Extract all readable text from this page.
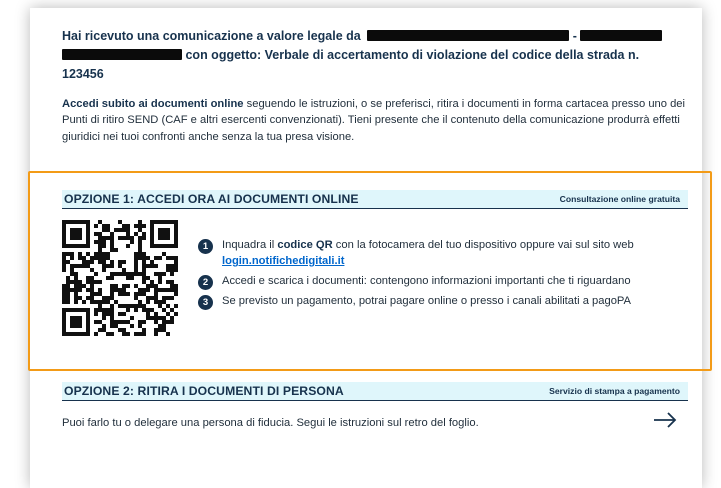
Hai ricevuto una comunicazione a valore legale da	-
con oggetto: Verbale di accertamento di violazione del codice della strada n.
123456

Accedi subito ai documenti online seguendo le istruzioni, o se preferisci, ritira i documenti in forma cartacea presso uno dei Punti di ritiro SEND (CAF e altri esercenti convenzionati). Tieni presente che il contenuto della comunicazione produrrà effetti giuridici nei tuoi confronti anche senza la tua presa visione.

OPZIONE 1: ACCEDI ORA AI DOCUMENTI ONLINE	Consultazione online gratuita
1	Inquadra il codice QR con la fotocamera del tuo dispositivo oppure vai sul sito web
login.notifichedigitali.it
2	Accedi e scarica i documenti: contengono informazioni importanti che ti riguardano
3	Se previsto un pagamento, potrai pagare online o presso i canali abilitati a pagoPA
OPZIONE 2: RITIRA I DOCUMENTI DI PERSONA	Servizio di stampa a pagamento
Puoi farlo tu o delegare una persona di fiducia. Segui le istruzioni sul retro del foglio.
